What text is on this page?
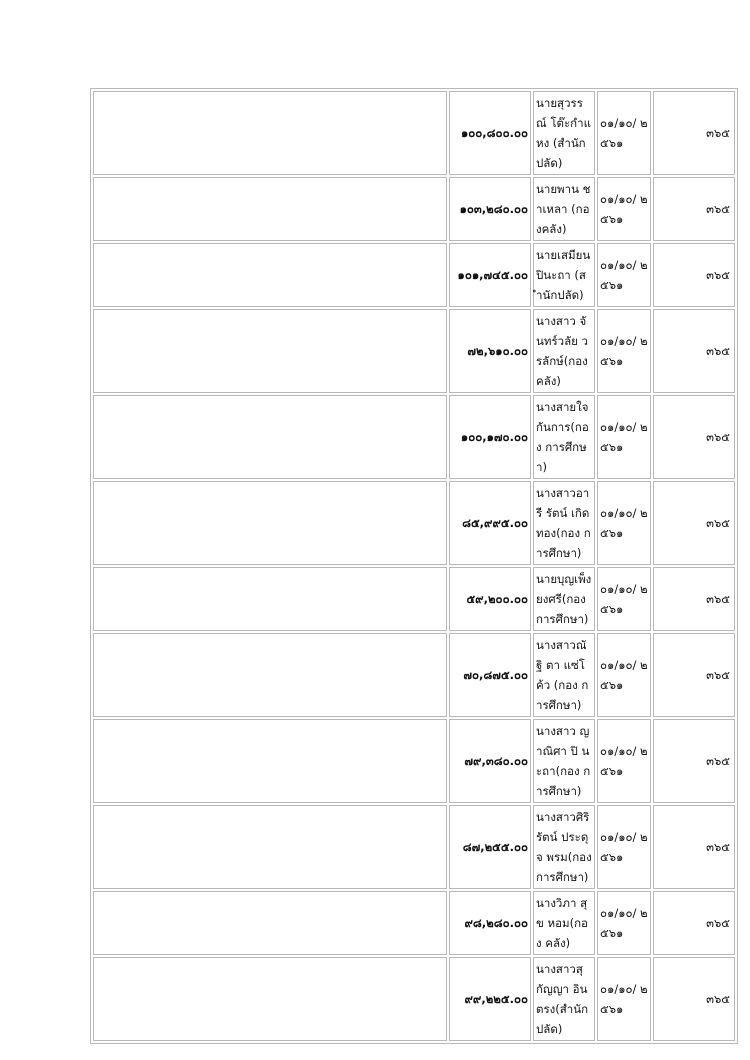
	๑๐๐,๘๐๐.๐๐	นายสุวรรณ์ โต๊ะกำแหง (สำนักปลัด)	๐๑/๑๐/ ๒๕๖๑	๓๖๕
	๑๐๓,๒๘๐.๐๐	นายพาน ชาเหลา (กองคลัง)	๐๑/๑๐/ ๒๕๖๑	๓๖๕
	๑๐๑,๗๔๕.๐๐	นายเสมียน ปินะถา (สำนักปลัด)	๐๑/๑๐/ ๒๕๖๑	๓๖๕
	๗๒,๖๑๐.๐๐	นางสาว จันทร์วลัย วรลักษ์(กอง คลัง)	๐๑/๑๐/ ๒๕๖๑	๓๖๕
	๑๐๐,๑๗๐.๐๐	นางสายใจ กันการ(กอง การศึกษา)	๐๑/๑๐/ ๒๕๖๑	๓๖๕
	๘๕,๙๙๕.๐๐	นางสาวอารี รัตน์ เกิด ทอง(กอง การศึกษา)	๐๑/๑๐/ ๒๕๖๑	๓๖๕
	๕๙,๒๐๐.๐๐	นายบุญเพ็ง ยงศรี(กอง การศึกษา)	๐๑/๑๐/ ๒๕๖๑	๓๖๕
	๗๐,๘๗๕.๐๐	นางสาวณัฐิ ตา แซ่โค้ว (กอง การศึกษา)	๐๑/๑๐/ ๒๕๖๑	๓๖๕
	๗๙,๓๘๐.๐๐	นางสาว ญาณิศา ปิ นะถา(กอง การศึกษา)	๐๑/๑๐/ ๒๕๖๑	๓๖๕
	๘๗,๒๕๕.๐๐	นางสาวศิริ รัตน์ ประดุจ พรม(กอง การศึกษา)	๐๑/๑๐/ ๒๕๖๑	๓๖๕
	๙๘,๒๘๐.๐๐	นางวิภา สุข หอม(กอง คลัง)	๐๑/๑๐/ ๒๕๖๑	๓๖๕
	๙๙,๒๒๕.๐๐	นางสาวสุ กัญญา อิน ตรง(สำนัก ปลัด)	๐๑/๑๐/ ๒๕๖๑	๓๖๕
